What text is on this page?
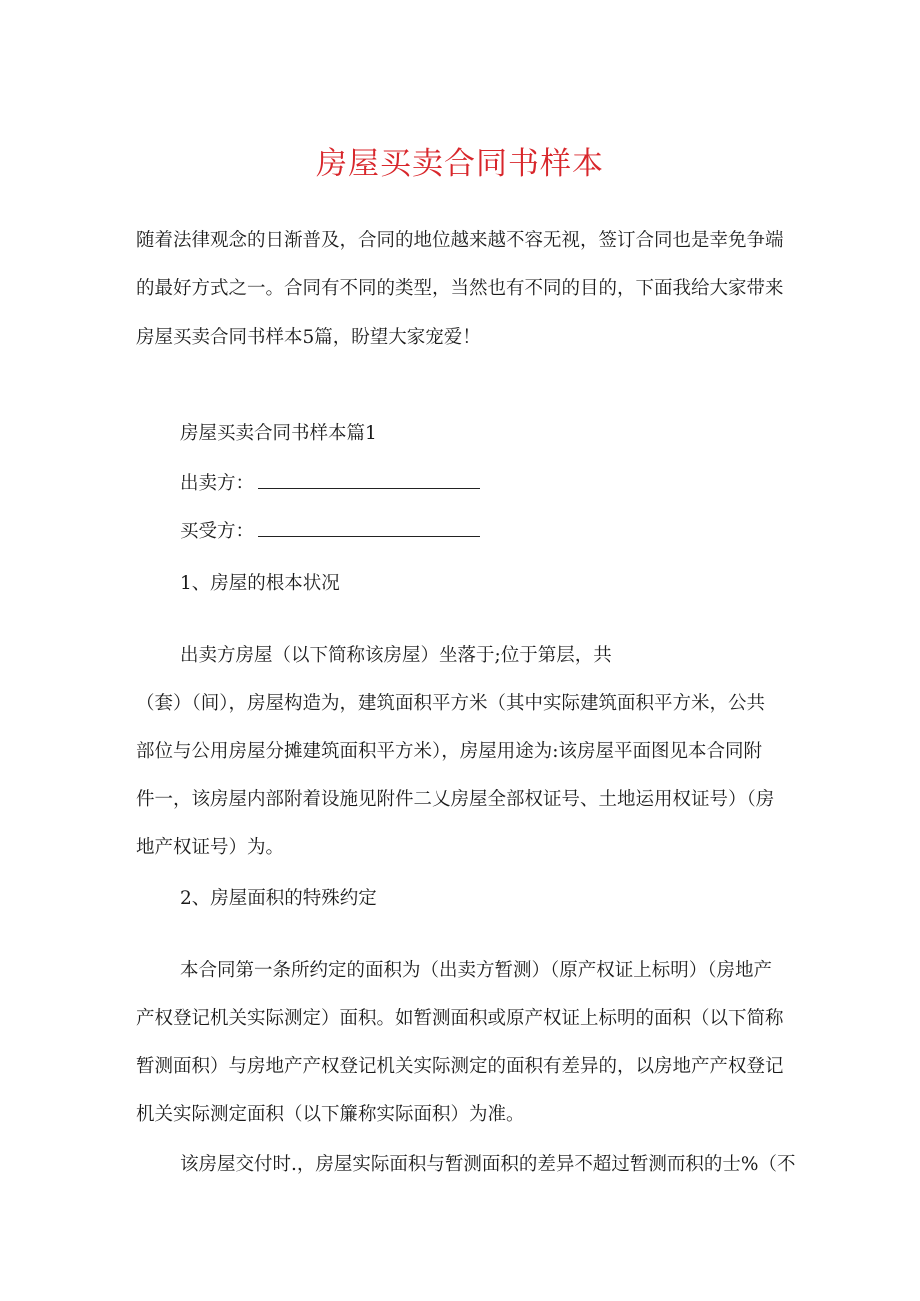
房屋买卖合同书样本
随着法律观念的日渐普及，合同的地位越来越不容无视，签订合同也是幸免争端
的最好方式之一。合同有不同的类型，当然也有不同的目的，下面我给大家带来
房屋买卖合同书样本5篇，盼望大家宠爱！
房屋买卖合同书样本篇1
出卖方：
买受方：
1、房屋的根本状况
出卖方房屋（以下简称该房屋）坐落于;位于第层，共
（套）（间），房屋构造为，建筑面积平方米（其中实际建筑面积平方米，公共
部位与公用房屋分摊建筑面积平方米），房屋用途为:该房屋平面图见本合同附
件一，该房屋内部附着设施见附件二乂房屋全部权证号、土地运用权证号）（房
地产权证号）为。
2、房屋面积的特殊约定
本合同第一条所约定的面积为（出卖方暂测）（原产权证上标明）（房地产
产权登记机关实际测定）面积。如暂测面积或原产权证上标明的面积（以下简称
暂测面积）与房地产产权登记机关实际测定的面积有差异的，以房地产产权登记
机关实际测定面积（以下簾称实际面积）为准。
该房屋交付时.，房屋实际面积与暂测面积的差异不超过暂测而积的士%（不
